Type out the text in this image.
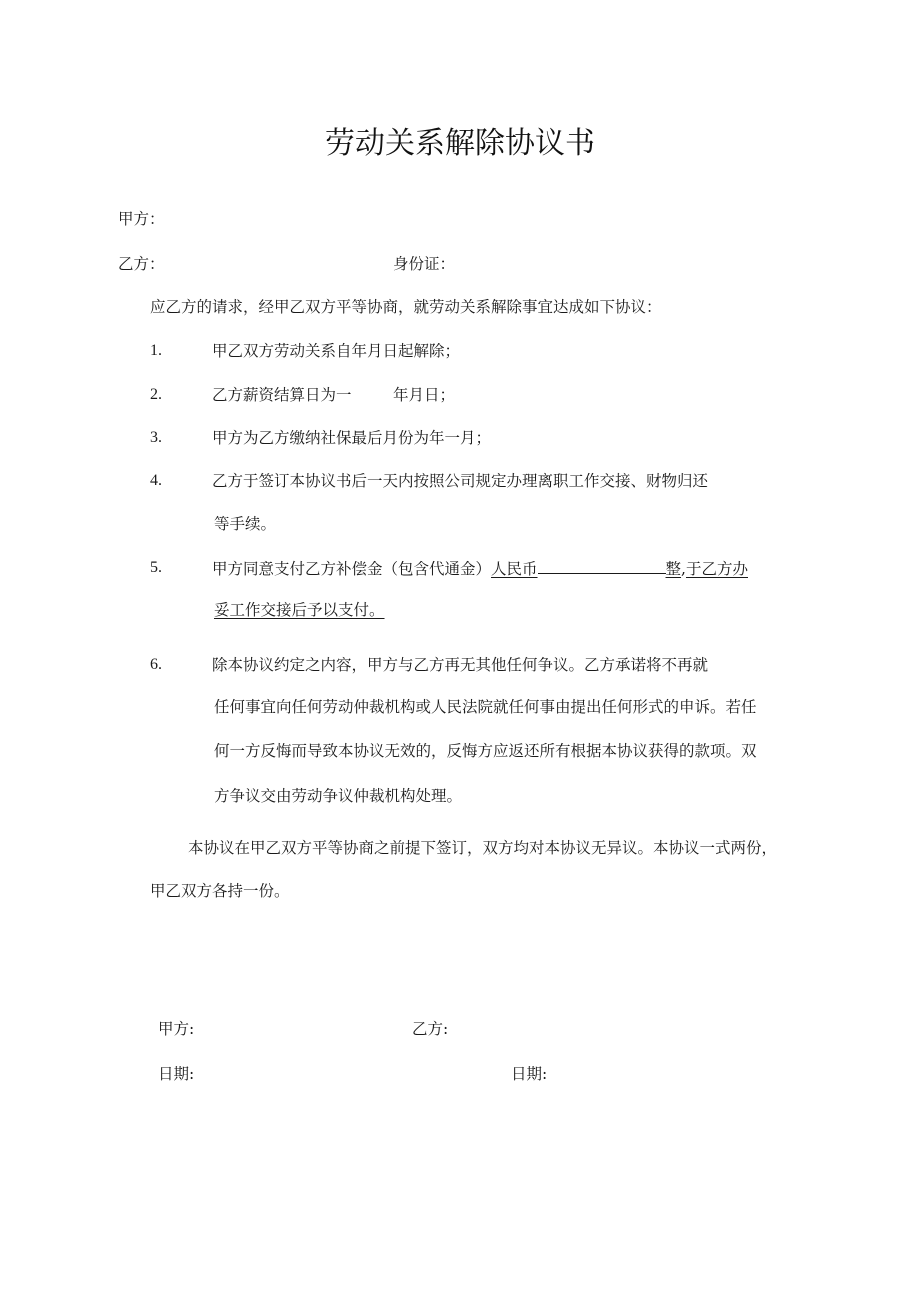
劳动关系解除协议书
甲方：
乙方：	身份证：
应乙方的请求，经甲乙双方平等协商，就劳动关系解除事宜达成如下协议：
1.	甲乙双方劳动关系自年月日起解除；
2.	乙方薪资结算日为一	年月日；
3.	甲方为乙方缴纳社保最后月份为年一月；
4.	乙方于签订本协议书后一天内按照公司规定办理离职工作交接、财物归还
等手续。
5.	甲方同意支付乙方补偿金（包含代通金）人民币	整,于乙方办
妥工作交接后予以支付。
6.	除本协议约定之内容，甲方与乙方再无其他任何争议。乙方承诺将不再就
任何事宜向任何劳动仲裁机构或人民法院就任何事由提出任何形式的申诉。若任
何一方反悔而导致本协议无效的，反悔方应返还所有根据本协议获得的款项。双
方争议交由劳动争议仲裁机构处理。
本协议在甲乙双方平等协商之前提下签订，双方均对本协议无异议。本协议一式两份，
甲乙双方各持一份。
甲方:	乙方:
日期:	日期:
